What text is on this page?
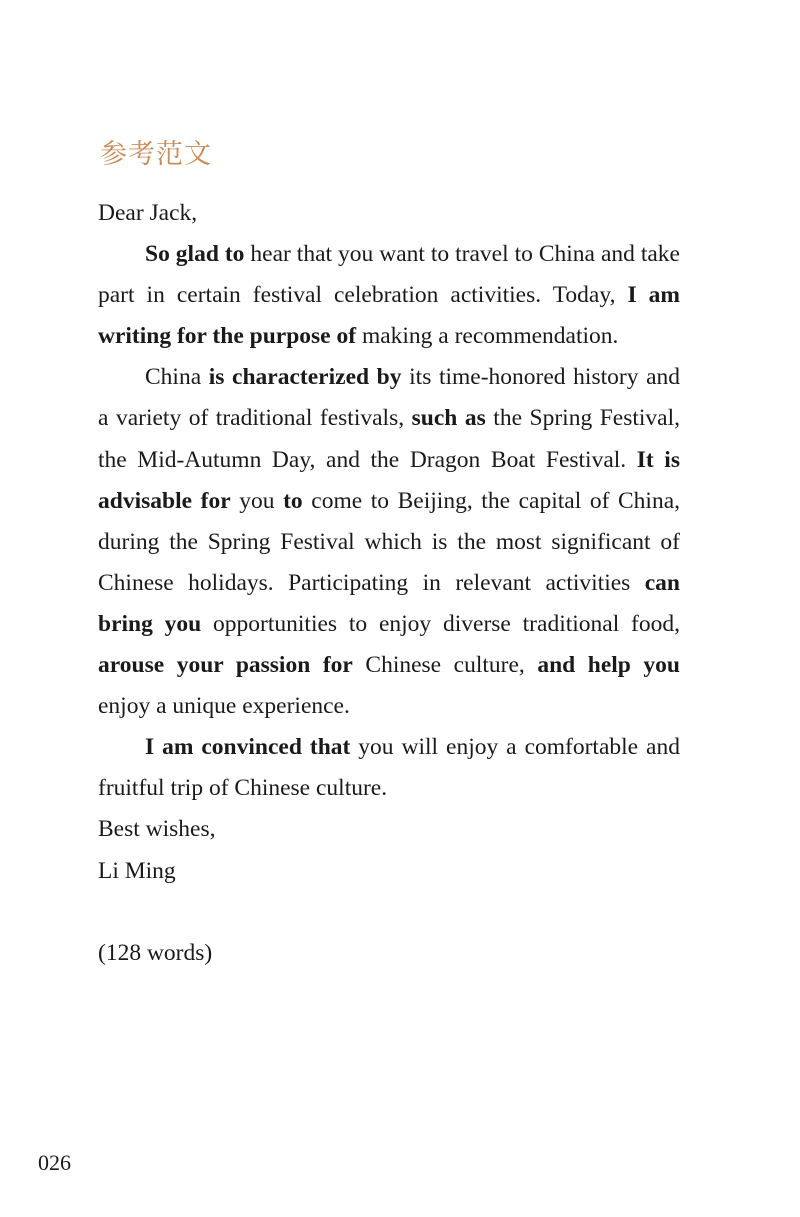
参考范文

Dear Jack,

So glad to hear that you want to travel to China and take part in certain festival celebration activities. Today, I am writing for the purpose of making a recommendation.

China is characterized by its time-honored history and a variety of traditional festivals, such as the Spring Festival, the Mid-Autumn Day, and the Dragon Boat Festival. It is advisable for you to come to Beijing, the capital of China, during the Spring Festival which is the most significant of Chinese holidays. Participating in relevant activities can bring you opportunities to enjoy diverse traditional food, arouse your passion for Chinese culture, and help you enjoy a unique experience.

I am convinced that you will enjoy a comfortable and fruitful trip of Chinese culture.

Best wishes,

Li Ming

(128 words)

026
